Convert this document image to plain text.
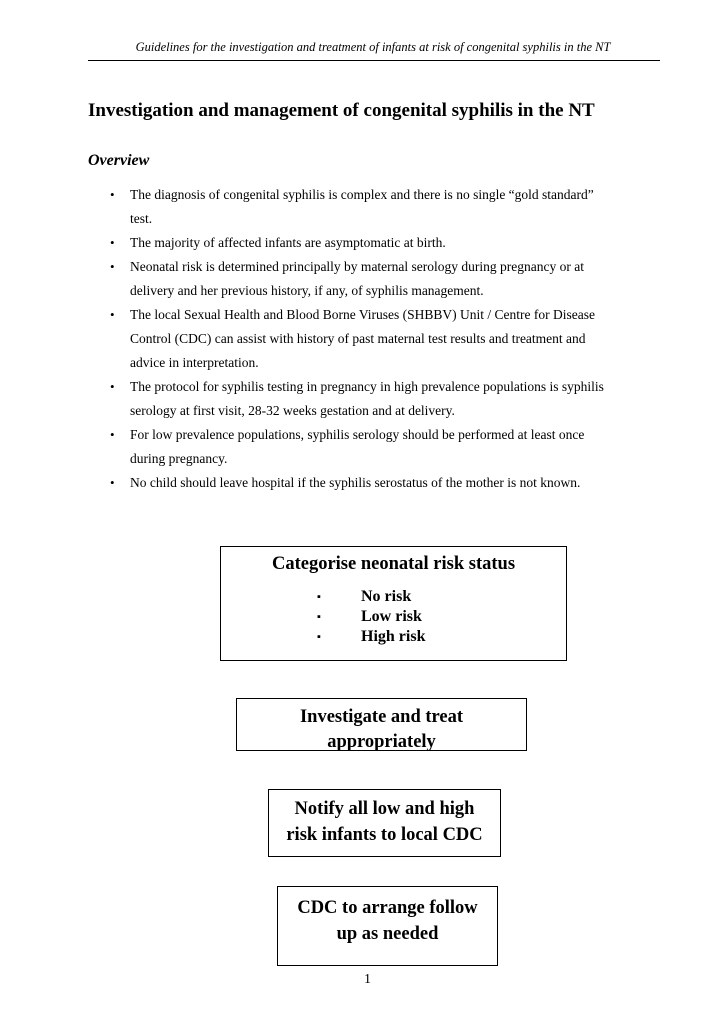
Guidelines for the investigation and treatment of infants at risk of congenital syphilis in the NT
Investigation and management of congenital syphilis in the NT
Overview
• The diagnosis of congenital syphilis is complex and there is no single “gold standard”
test.
• The majority of affected infants are asymptomatic at birth.
• Neonatal risk is determined principally by maternal serology during pregnancy or at
delivery and her previous history, if any, of syphilis management.
• The local Sexual Health and Blood Borne Viruses (SHBBV) Unit / Centre for Disease
Control (CDC) can assist with history of past maternal test results and treatment and
advice in interpretation.
• The protocol for syphilis testing in pregnancy in high prevalence populations is syphilis
serology at first visit, 28-32 weeks gestation and at delivery.
• For low prevalence populations, syphilis serology should be performed at least once
during pregnancy.
• No child should leave hospital if the syphilis serostatus of the mother is not known.
Categorise neonatal risk status
▪	No risk
▪	Low risk
▪	High risk
Investigate and treat
appropriately
Notify all low and high
risk infants to local CDC
CDC to arrange follow
up as needed
1
